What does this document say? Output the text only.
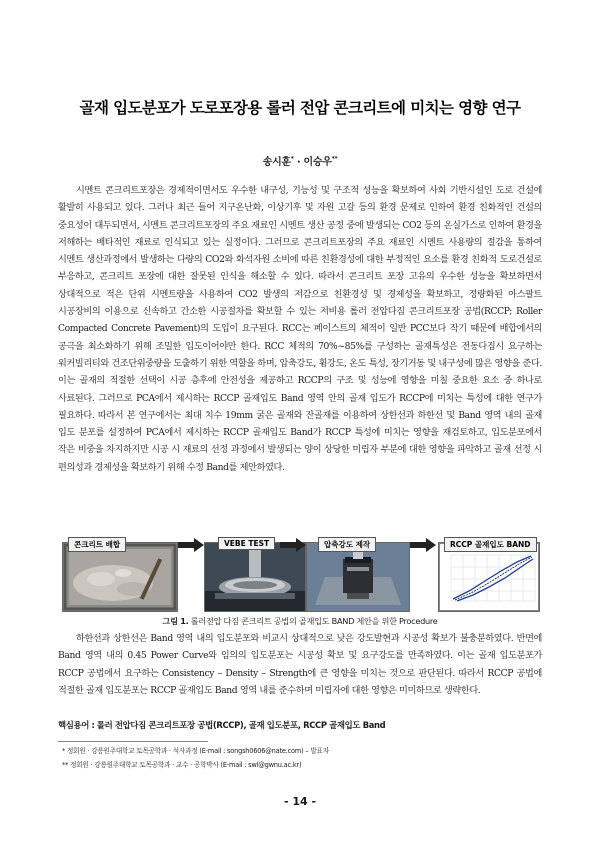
골재 입도분포가 도로포장용 롤러 전압 콘크리트에 미치는 영향 연구
송시훈* · 이승우**
시멘트 콘크리트포장은 경제적이면서도 우수한 내구성, 기능성 및 구조적 성능을 확보하여 사회 기반시설인 도로 건설에 활발히 사용되고 있다. 그러나 최근 들어 지구온난화, 이상기후 및 자원 고갈 등의 환경 문제로 인하여 환경 친화적인 건설의 중요성이 대두되면서, 시멘트 콘크리트포장의 주요 재료인 시멘트 생산 공정 중에 발생되는 CO2 등의 온실가스로 인하여 환경을 저해하는 배타적인 재료로 인식되고 있는 실정이다. 그러므로 콘크리트포장의 주요 재료인 시멘트 사용량의 절감을 통하여 시멘트 생산과정에서 발생하는 다량의 CO2와 화석자원 소비에 따른 친환경성에 대한 부정적인 요소를 환경 친화적 도로건설로 부응하고, 콘크리트 포장에 대한 잘못된 인식을 해소할 수 있다. 따라서 콘크리트 포장 고유의 우수한 성능을 확보하면서 상대적으로 적은 단위 시멘트량을 사용하여 CO2 발생의 저감으로 친환경성 및 경제성을 확보하고, 정량화된 아스팔트 시공장비의 이용으로 신속하고 간소한 시공절차를 확보할 수 있는 저비용 롤러 전압다짐 콘크리트포장 공법(RCCP; Roller Compacted Concrete Pavement)의 도입이 요구된다. RCC는 페이스트의 체적이 일반 PCC보다 작기 때문에 배합에서의 공극을 최소화하기 위해 조밀한 입도이어야만 한다. RCC 체적의 70%~85%를 구성하는 골재특성은 전동다짐시 요구하는 워커빌리티와 건조단위중량을 도출하기 위한 역할을 하며, 압축강도, 휨강도, 온도 특성, 장기거동 및 내구성에 많은 영향을 준다. 이는 골재의 적절한 선택이 시공 층후에 안전성을 제공하고 RCCP의 구조 및 성능에 영향을 미칠 중요한 요소 중 하나로 사료된다. 그러므로 PCA에서 제시하는 RCCP 골재입도 Band 영역 안의 골재 입도가 RCCP에 미치는 특성에 대한 연구가 필요하다. 따라서 본 연구에서는 최대 치수 19mm 굵은 골재와 잔골재를 이용하여 상한선과 하한선 및 Band 영역 내의 골재 입도 분포를 설정하여 PCA에서 제시하는 RCCP 골재입도 Band가 RCCP 특성에 미치는 영향을 재검토하고, 입도분포에서 작은 비중을 차지하지만 시공 시 재료의 선정 과정에서 발생되는 양이 상당한 미립자 부분에 대한 영향을 파악하고 골재 선정 시 편의성과 경제성을 확보하기 위해 수정 Band를 제안하였다.
콘크리트 배합	VEBE TEST	압축강도 제작	RCCP 골재입도 BAND
그림 1. 롤러전압 다짐 콘크리트 공법의 골재입도 BAND 제안을 위한 Procedure
하한선과 상한선은 Band 영역 내의 입도분포와 비교시 상대적으로 낮은 강도발현과 시공성 확보가 불충분하였다. 반면에 Band 영역 내의 0.45 Power Curve와 임의의 입도분포는 시공성 확보 및 요구강도를 만족하였다. 이는 골재 입도분포가 RCCP 공법에서 요구하는 Consistency – Density – Strength에 큰 영향을 미치는 것으로 판단된다. 따라서 RCCP 공법에 적절한 골재 입도분포는 RCCP 골재입도 Band 영역 내를 준수하며 미립자에 대한 영향은 미미하므로 생략한다.
핵심용어 : 롤러 전압다짐 콘크리트포장 공법(RCCP), 골재 입도분포, RCCP 골재입도 Band
* 정회원 · 강릉원주대학교 토목공학과 · 석사과정 (E-mail : songsh0606@nate.com) – 발표자
** 정회원 · 강릉원주대학교 토목공학과 · 교수 · 공학박사 (E-mail : swl@gwnu.ac.kr)
- 14 -
